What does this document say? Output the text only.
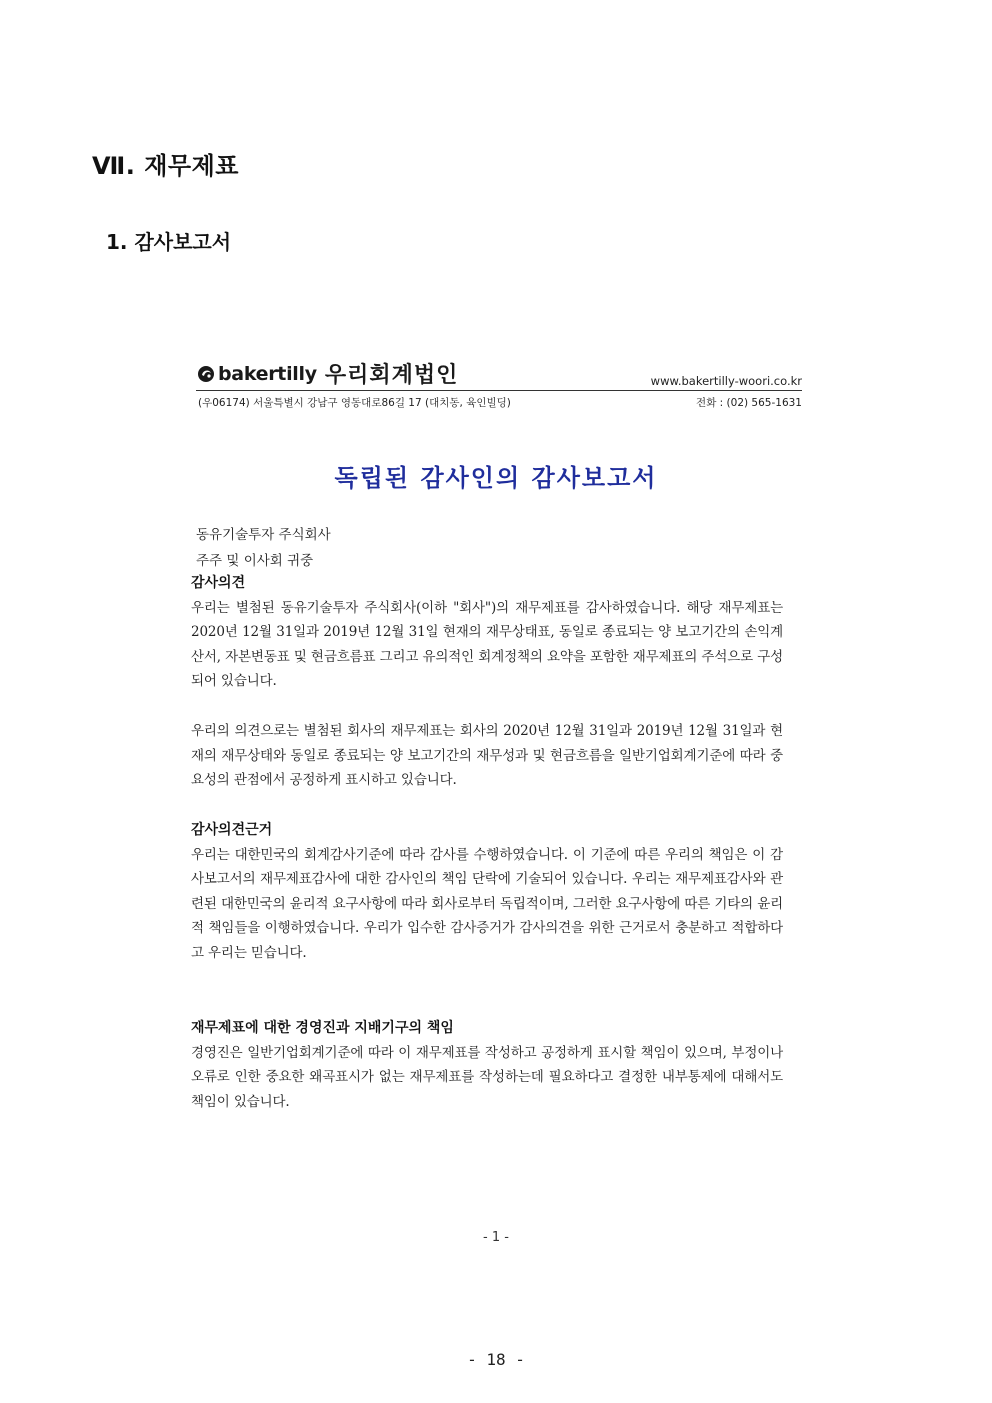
Ⅶ. 재무제표
1. 감사보고서
bakertilly 우리회계법인	www.bakertilly-woori.co.kr
(우06174) 서울특별시 강남구 영동대로86길 17 (대치동, 육인빌딩)	전화 : (02) 565-1631
독립된 감사인의 감사보고서
동유기술투자 주식회사
주주 및 이사회 귀중

감사의견

우리는 별첨된 동유기술투자 주식회사(이하 "회사")의 재무제표를 감사하였습니다. 해당 재무제표는 2020년 12월 31일과 2019년 12월 31일 현재의 재무상태표, 동일로 종료되는 양 보고기간의 손익계산서, 자본변동표 및 현금흐름표 그리고 유의적인 회계정책의 요약을 포함한 재무제표의 주석으로 구성되어 있습니다.

우리의 의견으로는 별첨된 회사의 재무제표는 회사의 2020년 12월 31일과 2019년 12월 31일과 현재의 재무상태와 동일로 종료되는 양 보고기간의 재무성과 및 현금흐름을 일반기업회계기준에 따라 중요성의 관점에서 공정하게 표시하고 있습니다.

감사의견근거

우리는 대한민국의 회계감사기준에 따라 감사를 수행하였습니다. 이 기준에 따른 우리의 책임은 이 감사보고서의 재무제표감사에 대한 감사인의 책임 단락에 기술되어 있습니다. 우리는 재무제표감사와 관련된 대한민국의 윤리적 요구사항에 따라 회사로부터 독립적이며, 그러한 요구사항에 따른 기타의 윤리적 책임들을 이행하였습니다. 우리가 입수한 감사증거가 감사의견을 위한 근거로서 충분하고 적합하다고 우리는 믿습니다.

재무제표에 대한 경영진과 지배기구의 책임

경영진은 일반기업회계기준에 따라 이 재무제표를 작성하고 공정하게 표시할 책임이 있으며, 부정이나 오류로 인한 중요한 왜곡표시가 없는 재무제표를 작성하는데 필요하다고 결정한 내부통제에 대해서도 책임이 있습니다.

- 1 -
- 18 -
